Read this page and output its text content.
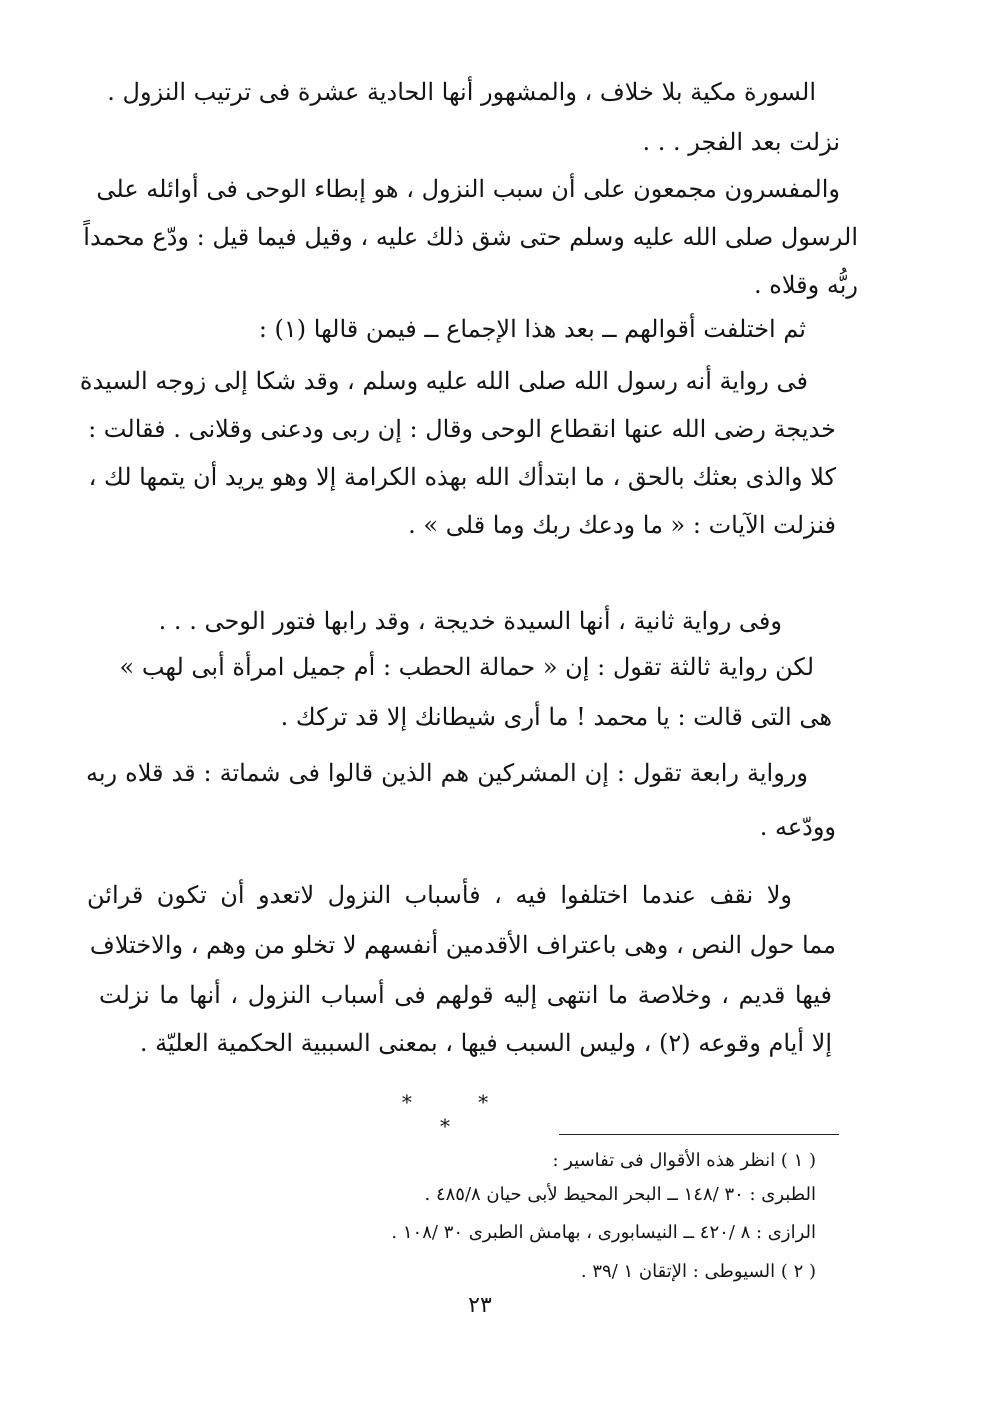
السورة مكية بلا خلاف ، والمشهور أنها الحادية عشرة فى ترتيب النزول .
نزلت بعد الفجر . . .
والمفسرون مجمعون على أن سبب النزول ، هو إبطاء الوحى فى أوائله على
الرسول صلى الله عليه وسلم حتى شق ذلك عليه ، وقيل فيما قيل : ودّع محمداً
ربُّه وقلاه .
ثم اختلفت أقوالهم ــ بعد هذا الإجماع ــ فيمن قالها (١) :
فى رواية أنه رسول الله صلى الله عليه وسلم ، وقد شكا إلى زوجه السيدة
خديجة رضى الله عنها انقطاع الوحى وقال : إن ربى ودعنى وقلانى . فقالت :
كلا والذى بعثك بالحق ، ما ابتدأك الله بهذه الكرامة إلا وهو يريد أن يتمها لك ،
فنزلت الآيات : « ما ودعك ربك وما قلى » .
وفى رواية ثانية ، أنها السيدة خديجة ، وقد رابها فتور الوحى . . .
لكن رواية ثالثة تقول : إن « حمالة الحطب : أم جميل امرأة أبى لهب »
هى التى قالت : يا محمد ! ما أرى شيطانك إلا قد تركك .
ورواية رابعة تقول : إن المشركين هم الذين قالوا فى شماتة : قد قلاه ربه
وودّعه .
ولا نقف عندما اختلفوا فيه ، فأسباب النزول لاتعدو أن تكون قرائن
مما حول النص ، وهى باعتراف الأقدمين أنفسهم لا تخلو من وهم ، والاختلاف
فيها قديم ، وخلاصة ما انتهى إليه قولهم فى أسباب النزول ، أنها ما نزلت
إلا أيام وقوعه (٢) ، وليس السبب فيها ، بمعنى السببية الحكمية العليّة .
* * *
( ١ ) انظر هذه الأقوال فى تفاسير :
الطبرى : ٣٠ /١٤٨ ــ البحر المحيط لأبى حيان ٤٨٥/٨ .
الرازى : ٨ /٤٢٠ ــ النيسابورى ، بهامش الطبرى ٣٠ /١٠٨ .
( ٢ ) السيوطى : الإتقان ١ /٣٩ .
٢٣
